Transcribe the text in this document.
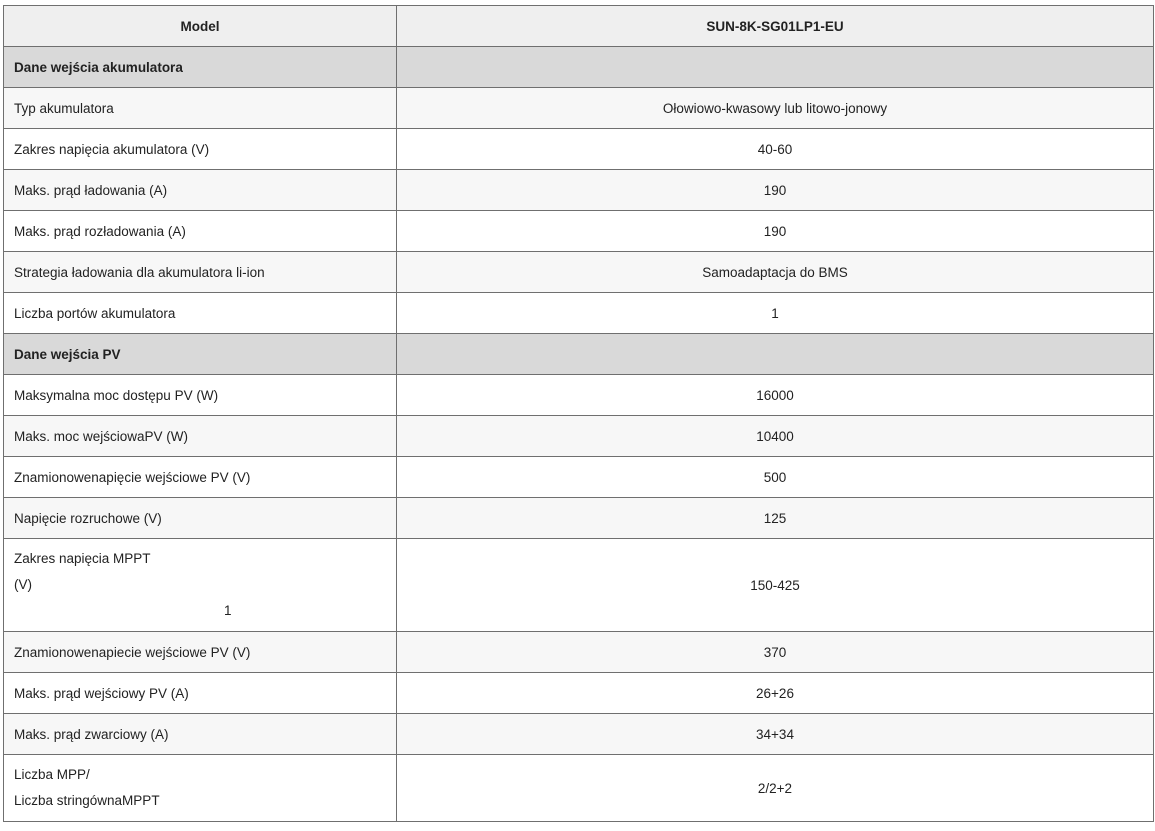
Model	SUN-8K-SG01LP1-EU
Dane wejścia akumulatora	
Typ akumulatora	Ołowiowo-kwasowy lub litowo-jonowy
Zakres napięcia akumulatora (V)	40-60
Maks. prąd ładowania (A)	190
Maks. prąd rozładowania (A)	190
Strategia ładowania dla akumulatora li-ion	Samoadaptacja do BMS
Liczba portów akumulatora	1
Dane wejścia PV	
Maksymalna moc dostępu PV (W)	16000
Maks. moc wejściowaPV (W)	10400
Znamionowenapięcie wejściowe PV (V)	500
Napięcie rozruchowe (V)	125

Zakres napięcia MPPT
(V)
1	150-425
Znamionowenapiecie wejściowe PV (V)	370
Maks. prąd wejściowy PV (A)	26+26
Maks. prąd zwarciowy (A)	34+34

Liczba MPP/
Liczba stringównaMPPT	2/2+2
